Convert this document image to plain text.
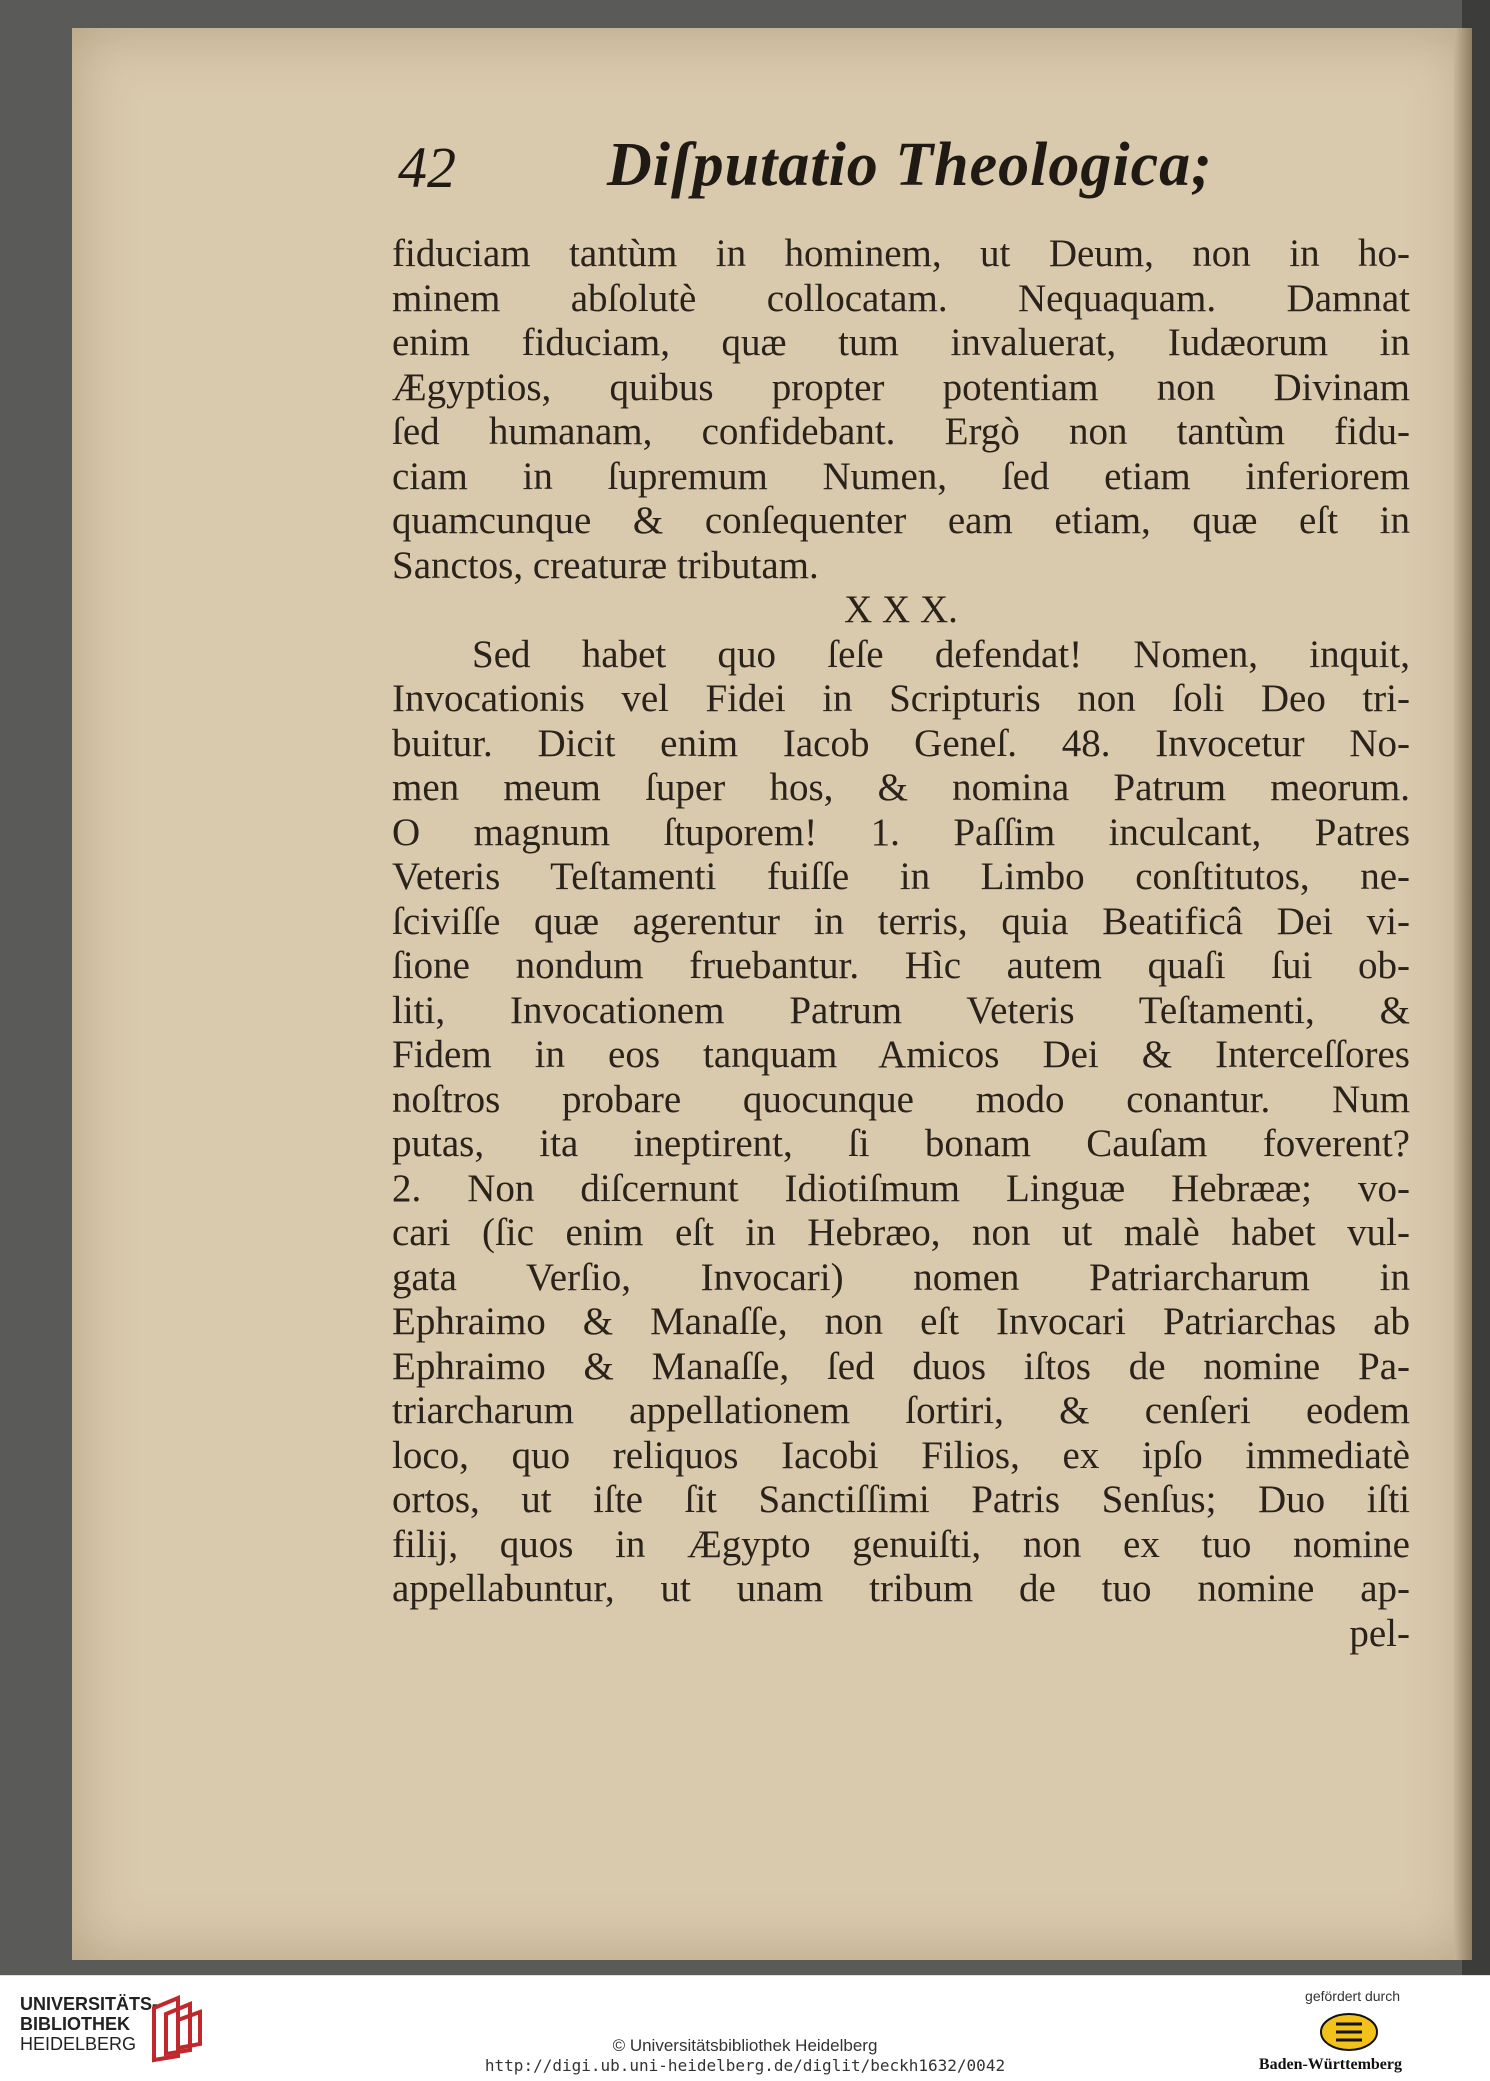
42 Diſputatio Theologica;
fiduciam tantùm in hominem, ut Deum, non in ho-
minem abſolutè collocatam. Nequaquam. Damnat
enim fiduciam, quæ tum invaluerat, Iudæorum in
Ægyptios, quibus propter potentiam non Divinam
ſed humanam, confidebant. Ergò non tantùm fidu-
ciam in ſupremum Numen, ſed etiam inferiorem
quamcunque & conſequenter eam etiam, quæ eſt in
Sanctos, creaturæ tributam.
X X X.
Sed habet quo ſeſe defendat! Nomen, inquit,
Invocationis vel Fidei in Scripturis non ſoli Deo tri-
buitur. Dicit enim Iacob Geneſ. 48. Invocetur No-
men meum ſuper hos, & nomina Patrum meorum.
O magnum ſtuporem! 1. Paſſim inculcant, Patres
Veteris Teſtamenti fuiſſe in Limbo conſtitutos, ne-
ſciviſſe quæ agerentur in terris, quia Beatificâ Dei vi-
ſione nondum fruebantur. Hìc autem quaſi ſui ob-
liti, Invocationem Patrum Veteris Teſtamenti, &
Fidem in eos tanquam Amicos Dei & Interceſſores
noſtros probare quocunque modo conantur. Num
putas, ita ineptirent, ſi bonam Cauſam foverent?
2. Non diſcernunt Idiotiſmum Linguæ Hebrææ; vo-
cari (ſic enim eſt in Hebræo, non ut malè habet vul-
gata Verſio, Invocari) nomen Patriarcharum in
Ephraimo & Manaſſe, non eſt Invocari Patriarchas ab
Ephraimo & Manaſſe, ſed duos iſtos de nomine Pa-
triarcharum appellationem ſortiri, & cenſeri eodem
loco, quo reliquos Iacobi Filios, ex ipſo immediatè
ortos, ut iſte ſit Sanctiſſimi Patris Senſus; Duo iſti
filij, quos in Ægypto genuiſti, non ex tuo nomine
appellabuntur, ut unam tribum de tuo nomine ap-
pel-
UNIVERSITÄTS-
BIBLIOTHEK
HEIDELBERG	© Universitätsbibliothek Heidelberg
http://digi.ub.uni-heidelberg.de/diglit/beckh1632/0042
gefördert durch
Baden-Württemberg
